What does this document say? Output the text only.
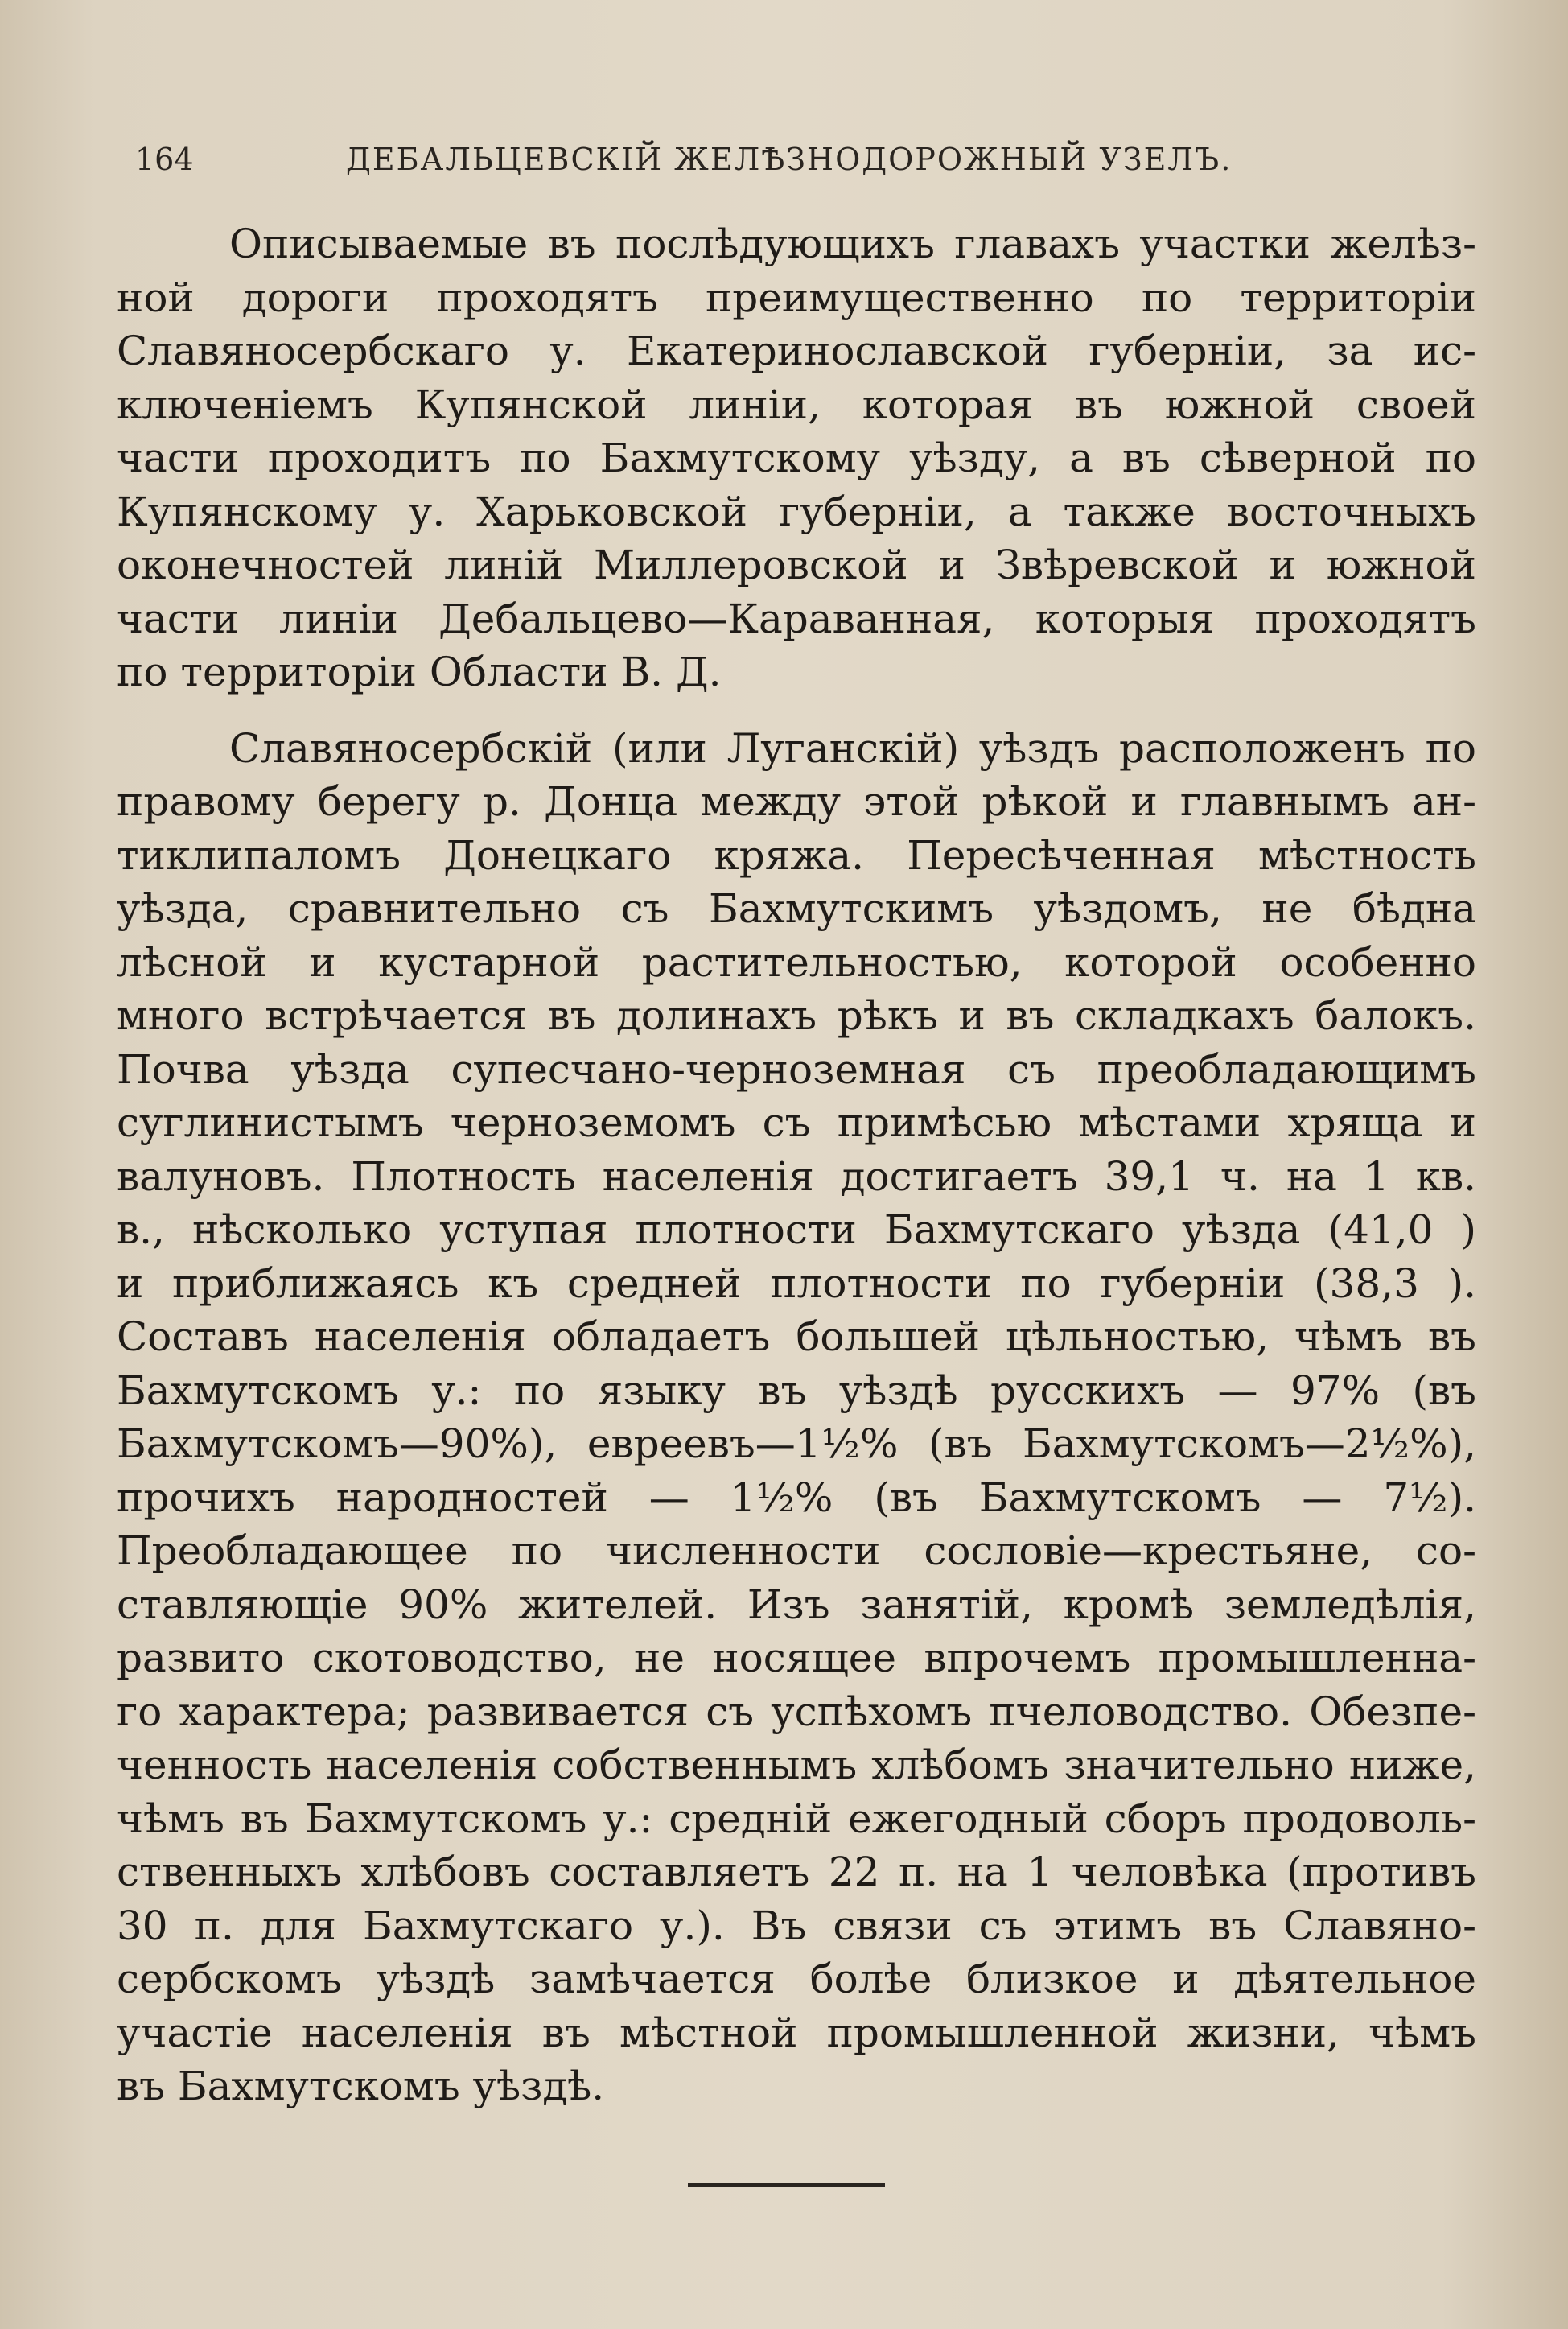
164	ДЕБАЛЬЦЕВСКІЙ ЖЕЛѢЗНОДОРОЖНЫЙ УЗЕЛЪ.
Описываемые въ послѣдующихъ главахъ участки желѣз-
ной дороги проходятъ преимущественно по территоріи
Славяносербскаго у. Екатеринославской губерніи, за ис-
ключеніемъ Купянской линіи, которая въ южной своей
части проходитъ по Бахмутскому уѣзду, а въ сѣверной по
Купянскому у. Харьковской губерніи, а также восточныхъ
оконечностей линій Миллеровской и Звѣревской и южной
части линіи Дебальцево—Караванная, которыя проходятъ
по территоріи Области В. Д.
Славяносербскій (или Луганскій) уѣздъ расположенъ по
правому берегу р. Донца между этой рѣкой и главнымъ ан-
тиклипаломъ Донецкаго кряжа. Пересѣченная мѣстность
уѣзда, сравнительно съ Бахмутскимъ уѣздомъ, не бѣдна
лѣсной и кустарной растительностью, которой особенно
много встрѣчается въ долинахъ рѣкъ и въ складкахъ балокъ.
Почва уѣзда супесчано-черноземная съ преобладающимъ
суглинистымъ черноземомъ съ примѣсью мѣстами хряща и
валуновъ. Плотность населенія достигаетъ 39,1 ч. на 1 кв.
в., нѣсколько уступая плотности Бахмутскаго уѣзда (41,0 )
и приближаясь къ средней плотности по губерніи (38,3 ).
Составъ населенія обладаетъ большей цѣльностью, чѣмъ въ
Бахмутскомъ у.: по языку въ уѣздѣ русскихъ — 97% (въ
Бахмутскомъ—90%), евреевъ—1½% (въ Бахмутскомъ—2½%),
прочихъ народностей — 1½% (въ Бахмутскомъ — 7½).
Преобладающее по численности сословіе—крестьяне, со-
ставляющіе 90% жителей. Изъ занятій, кромѣ земледѣлія,
развито скотоводство, не носящее впрочемъ промышленна-
го характера; развивается съ успѣхомъ пчеловодство. Обезпе-
ченность населенія собственнымъ хлѣбомъ значительно ниже,
чѣмъ въ Бахмутскомъ у.: средній ежегодный сборъ продоволь-
ственныхъ хлѣбовъ составляетъ 22 п. на 1 человѣка (противъ
30 п. для Бахмутскаго у.). Въ связи съ этимъ въ Славяно-
сербскомъ уѣздѣ замѣчается болѣе близкое и дѣятельное
участіе населенія въ мѣстной промышленной жизни, чѣмъ
въ Бахмутскомъ уѣздѣ.
